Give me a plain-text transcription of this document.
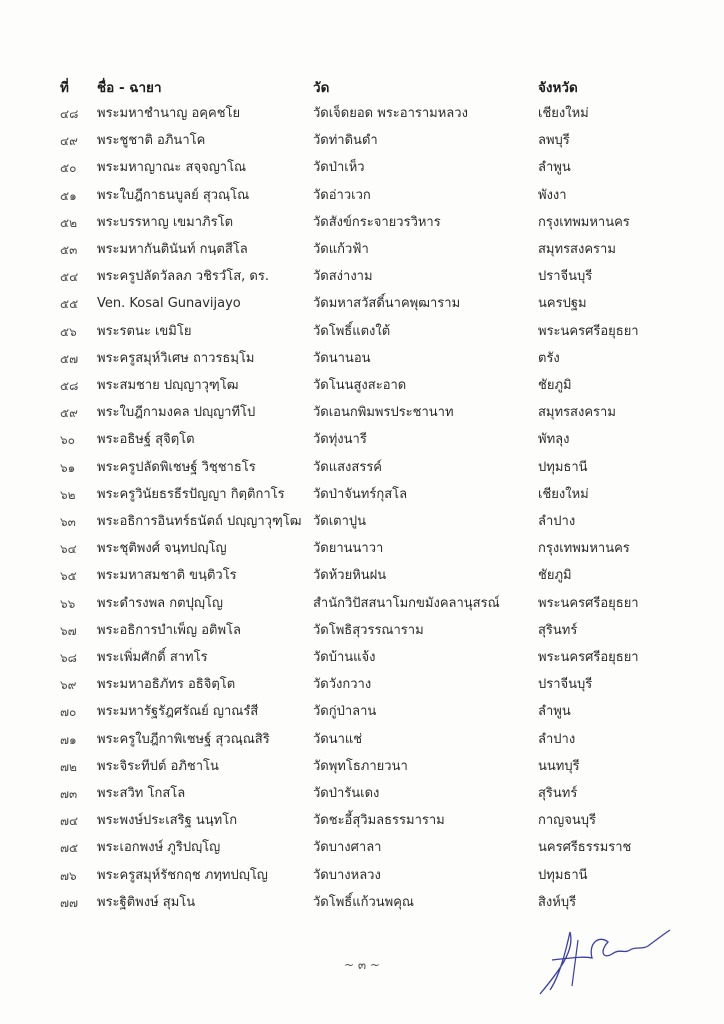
ที่	ชื่อ - ฉายา	วัด	จังหวัด
๔๘	พระมหาชำนาญ อคฺคชโย	วัดเจ็ดยอด พระอารามหลวง	เชียงใหม่
๔๙	พระชูชาติ อภินาโค	วัดท่าดินดำ	ลพบุรี
๕๐	พระมหาญาณะ สจฺจญาโณ	วัดป่าเห็ว	ลำพูน
๕๑	พระใบฎีกาธนบูลย์ สุวณฺโณ	วัดอ่าวเวก	พังงา
๕๒	พระบรรหาญ เขมาภิรโต	วัดสังข์กระจายวรวิหาร	กรุงเทพมหานคร
๕๓	พระมหากันตินันท์ กนฺตสีโล	วัดแก้วฟ้า	สมุทรสงคราม
๕๔	พระครูปลัดวัลลภ วชิรวํโส, ดร.	วัดสง่างาม	ปราจีนบุรี
๕๕	Ven. Kosal Gunavijayo	วัดมหาสวัสดิ์นาคพุฒาราม	นครปฐม
๕๖	พระรตนะ เขมิโย	วัดโพธิ์แตงใต้	พระนครศรีอยุธยา
๕๗	พระครูสมุห์วิเศษ ถาวรธมฺโม	วัดนานอน	ตรัง
๕๘	พระสมชาย ปญฺญาวุฑฺโฒ	วัดโนนสูงสะอาด	ชัยภูมิ
๕๙	พระใบฎีกามงคล ปญฺญาทีโป	วัดเอนกพิมพรประชานาท	สมุทรสงคราม
๖๐	พระอธิษฐ์ สุจิตฺโต	วัดทุ่งนารี	พัทลุง
๖๑	พระครูปลัดพิเชษฐ์ วิชฺชาธโร	วัดแสงสรรค์	ปทุมธานี
๖๒	พระครูวินัยธรธีรปัญญา กิตฺติกาโร วัดป่าจันทร์กุสโล	เชียงใหม่
๖๓	พระอธิการอินทร์ธนัตถ์ ปญฺญาวุฑฺโฒ วัดเตาปูน	ลำปาง
๖๔	พระชุติพงศ์ จนฺทปญฺโญ	วัดยานนาวา	กรุงเทพมหานคร
๖๕	พระมหาสมชาติ ขนฺติวโร	วัดห้วยหินฝน	ชัยภูมิ
๖๖	พระดำรงพล กตปุญฺโญ	สำนักวิปัสสนาโมกขมังคลานุสรณ์	พระนครศรีอยุธยา
๖๗	พระอธิการบำเพ็ญ อติพโล	วัดโพธิสุวรรณาราม	สุรินทร์
๖๘	พระเพิ่มศักดิ์ สาทโร	วัดบ้านแจ้ง	พระนครศรีอยุธยา
๖๙	พระมหาอธิภัทร อธิจิตฺโต	วัดวังกวาง	ปราจีนบุรี
๗๐	พระมหารัฐรัฎศรัณย์ ญาณรํสี	วัดกู่ป่าลาน	ลำพูน
๗๑	พระครูใบฎีกาพิเชษฐ์ สุวณฺณสิริ	วัดนาแช่	ลำปาง
๗๒	พระจิระทีปต์ อภิชาโน	วัดพุทโธภายวนา	นนทบุรี
๗๓	พระสวิท โกสโล	วัดป่ารันเดง	สุรินทร์
๗๔	พระพงษ์ประเสริฐ นนฺทโก	วัดชะอี้สุวิมลธรรมาราม	กาญจนบุรี
๗๕	พระเอกพงษ์ ภูริปญฺโญ	วัดบางศาลา	นครศรีธรรมราช
๗๖	พระครูสมุห์รัชกฤช ภทฺทปญฺโญ	วัดบางหลวง	ปทุมธานี
๗๗	พระฐิติพงษ์ สุมโน	วัดโพธิ์แก้วนพคุณ	สิงห์บุรี
~ ๓ ~
